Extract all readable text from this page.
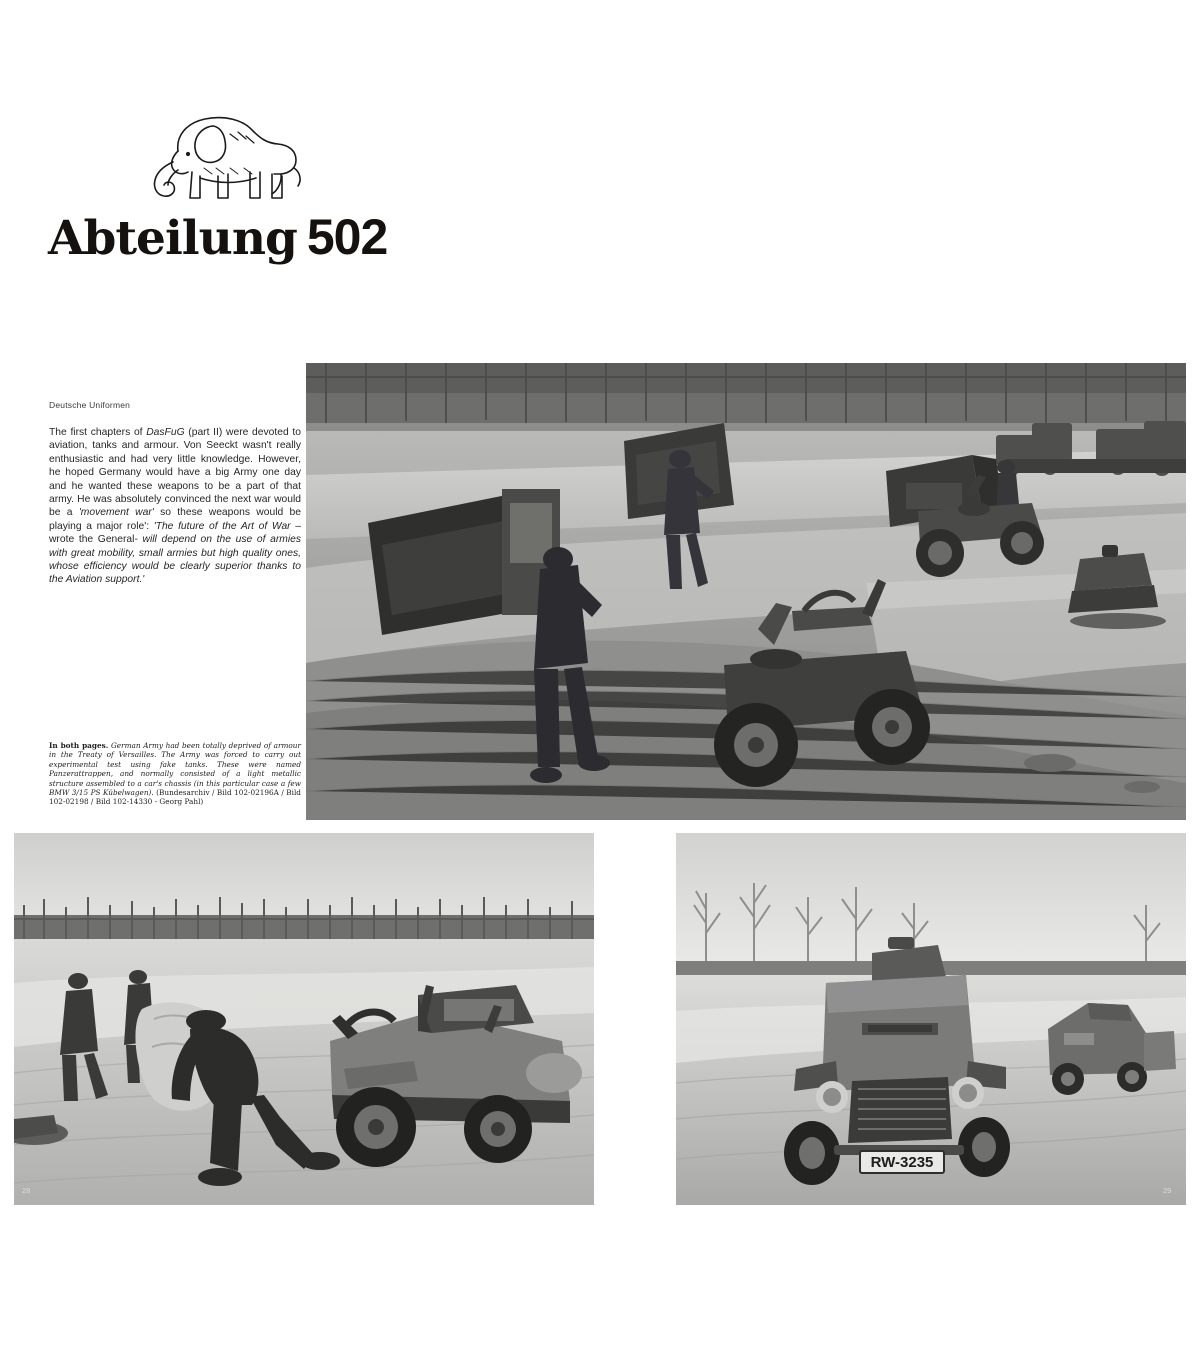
Abteilung 502
Deutsche Uniformen
The first chapters of DasFuG (part II) were devoted to aviation, tanks and armour. Von Seeckt wasn't really enthusiastic and had very little knowledge. However, he hoped Germany would have a big Army one day and he wanted these weapons to be a part of that army. He was absolutely convinced the next war would be a 'movement war' so these weapons would be playing a major role': 'The future of the Art of War – wrote the General- will depend on the use of armies with great mobility, small armies but high quality ones, whose efficiency would be clearly superior thanks to the Aviation support.'
In both pages. German Army had been totally deprived of armour in the Treaty of Versailles. The Army was forced to carry out experimental test using fake tanks. These were named Panzerattrappen, and normally consisted of a light metallic structure assembled to a car's chassis (in this particular case a few BMW 3/15 PS Kübelwagen). (Bundesarchiv / Bild 102-02196A / Bild 102-02198 / Bild 102-14330 - Georg Pahl)
RW-3235
28	29
